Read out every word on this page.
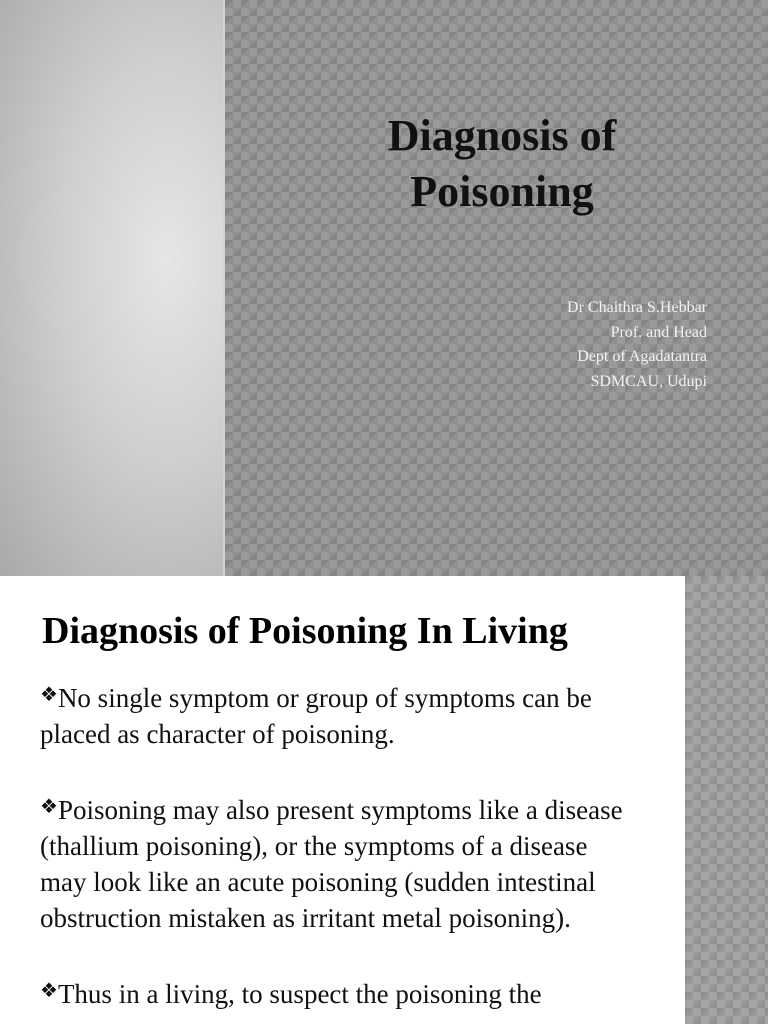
Diagnosis of
Poisoning
Dr Chaithra S.Hebbar
Prof. and Head
Dept of Agadatantra
SDMCAU, Udupi
Diagnosis of Poisoning In Living

❖No single symptom or group of symptoms can be placed as character of poisoning.

❖Poisoning may also present symptoms like a disease (thallium poisoning), or the symptoms of a disease may look like an acute poisoning (sudden intestinal obstruction mistaken as irritant metal poisoning).

❖Thus in a living, to suspect the poisoning the
